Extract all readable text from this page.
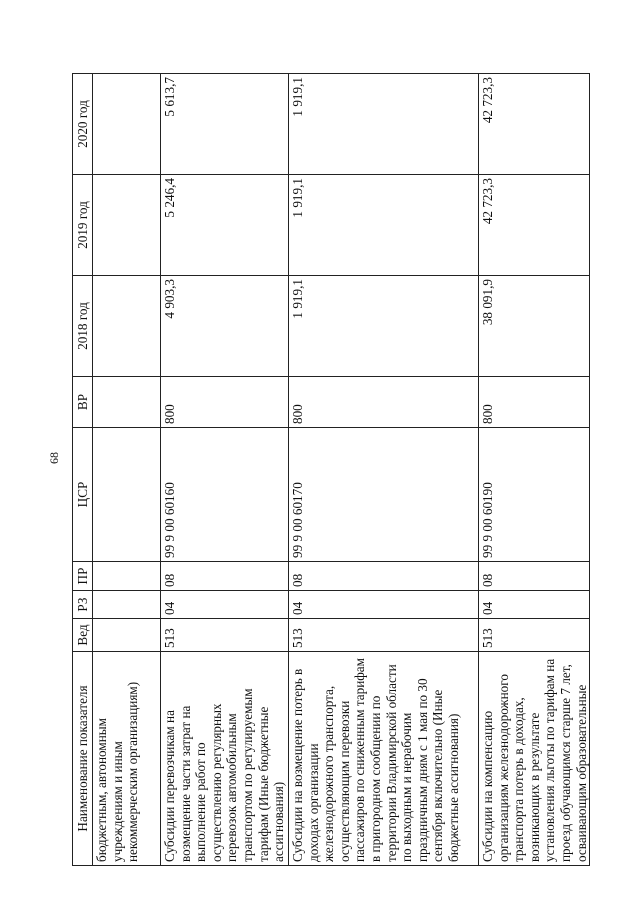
68
Наименование показателя	Вед	РЗ	ПР	ЦСР	ВР	2018 год	2019 год	2020 год
бюджетным, автономным учреждениям и иным некоммерческим организациям)								
Субсидии перевозчикам на возмещение части затрат на выполнение работ по осуществлению регулярных перевозок автомобильным транспортом по регулируемым тарифам (Иные бюджетные ассигнования)	513	04	08	99 9 00 60160	800	4 903,3	5 246,4	5 613,7
Субсидии на возмещение потерь в доходах организации железнодорожного транспорта, осуществляющим перевозки пассажиров по сниженным тарифам в пригородном сообщении по территории Владимирской области по выходным и нерабочим праздничным дням с 1 мая по 30 сентября включительно (Иные бюджетные ассигнования)	513	04	08	99 9 00 60170	800	1 919,1	1 919,1	1 919,1
Субсидии на компенсацию организациям железнодорожного транспорта потерь в доходах, возникающих в результате установления льготы по тарифам на проезд обучающимся старше 7 лет, осваивающим образовательные	513	04	08	99 9 00 60190	800	38 091,9	42 723,3	42 723,3
